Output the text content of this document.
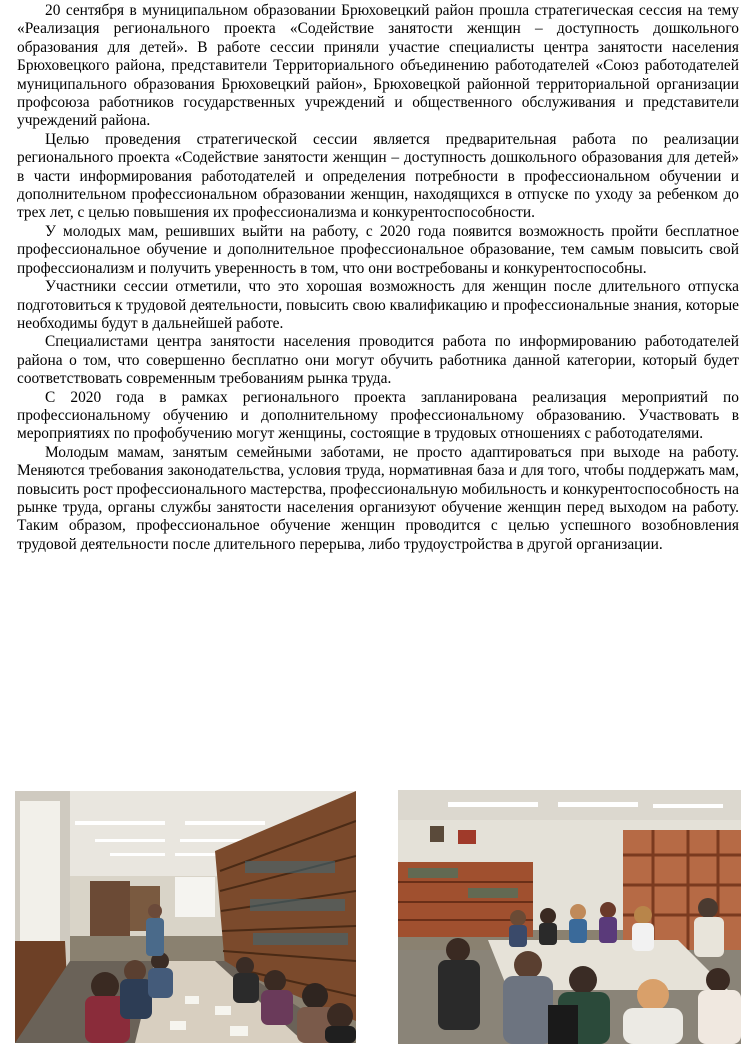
20 сентября в муниципальном образовании Брюховецкий район прошла стратегическая сессия на тему «Реализация регионального проекта «Содействие занятости женщин – доступность дошкольного образования для детей». В работе сессии приняли участие специалисты центра занятости населения Брюховецкого района, представители Территориального объединению работодателей «Союз работодателей муниципального образования Брюховецкий район», Брюховецкой районной территориальной организации профсоюза работников государственных учреждений и общественного обслуживания и представители учреждений района.

Целью проведения стратегической сессии является предварительная работа по реализации регионального проекта «Содействие занятости женщин – доступность дошкольного образования для детей» в части информирования работодателей и определения потребности в профессиональном обучении и дополнительном профессиональном образовании женщин, находящихся в отпуске по уходу за ребенком до трех лет, с целью повышения их профессионализма и конкурентоспособности.

У молодых мам, решивших выйти на работу, с 2020 года появится возможность пройти бесплатное профессиональное обучение и дополнительное профессиональное образование, тем самым повысить свой профессионализм и получить уверенность в том, что они востребованы и конкурентоспособны.

Участники сессии отметили, что это хорошая возможность для женщин после длительного отпуска подготовиться к трудовой деятельности, повысить свою квалификацию и профессиональные знания, которые необходимы будут в дальнейшей работе.

Специалистами центра занятости населения проводится работа по информированию работодателей района о том, что совершенно бесплатно они могут обучить работника данной категории, который будет соответствовать современным требованиям рынка труда.

С 2020 года в рамках регионального проекта запланирована реализация мероприятий по профессиональному обучению и дополнительному профессиональному образованию. Участвовать в мероприятиях по профобучению могут женщины, состоящие в трудовых отношениях с работодателями.

Молодым мамам, занятым семейными заботами, не просто адаптироваться при выходе на работу. Меняются требования законодательства, условия труда, нормативная база и для того, чтобы поддержать мам, повысить рост профессионального мастерства, профессиональную мобильность и конкурентоспособность на рынке труда, органы службы занятости населения организуют обучение женщин перед выходом на работу. Таким образом, профессиональное обучение женщин проводится с целью успешного возобновления трудовой деятельности после длительного перерыва, либо трудоустройства в другой организации.
